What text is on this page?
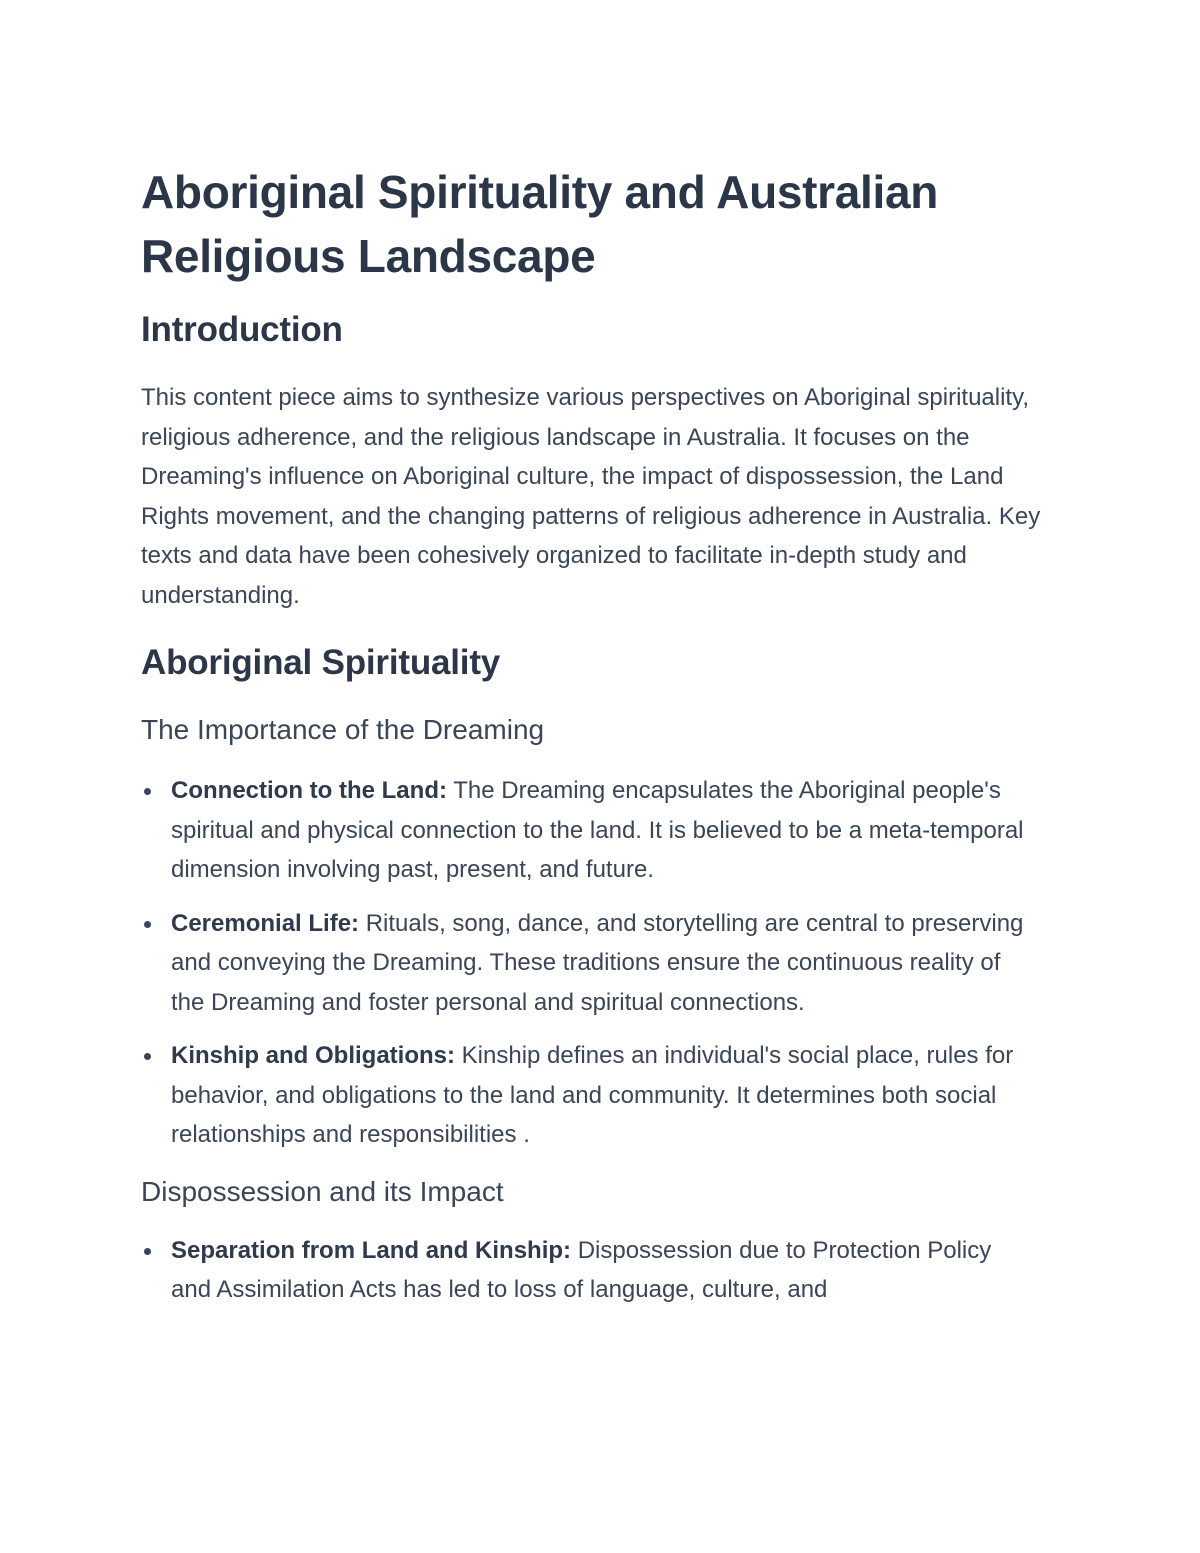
Aboriginal Spirituality and Australian Religious Landscape
Introduction

This content piece aims to synthesize various perspectives on Aboriginal spirituality, religious adherence, and the religious landscape in Australia. It focuses on the Dreaming's influence on Aboriginal culture, the impact of dispossession, the Land Rights movement, and the changing patterns of religious adherence in Australia. Key texts and data have been cohesively organized to facilitate in-depth study and understanding.

Aboriginal Spirituality
The Importance of the Dreaming
Connection to the Land: The Dreaming encapsulates the Aboriginal people's spiritual and physical connection to the land. It is believed to be a meta-temporal dimension involving past, present, and future.
Ceremonial Life: Rituals, song, dance, and storytelling are central to preserving and conveying the Dreaming. These traditions ensure the continuous reality of the Dreaming and foster personal and spiritual connections.
Kinship and Obligations: Kinship defines an individual's social place, rules for behavior, and obligations to the land and community. It determines both social relationships and responsibilities .
Dispossession and its Impact
Separation from Land and Kinship: Dispossession due to Protection Policy and Assimilation Acts has led to loss of language, culture, and
